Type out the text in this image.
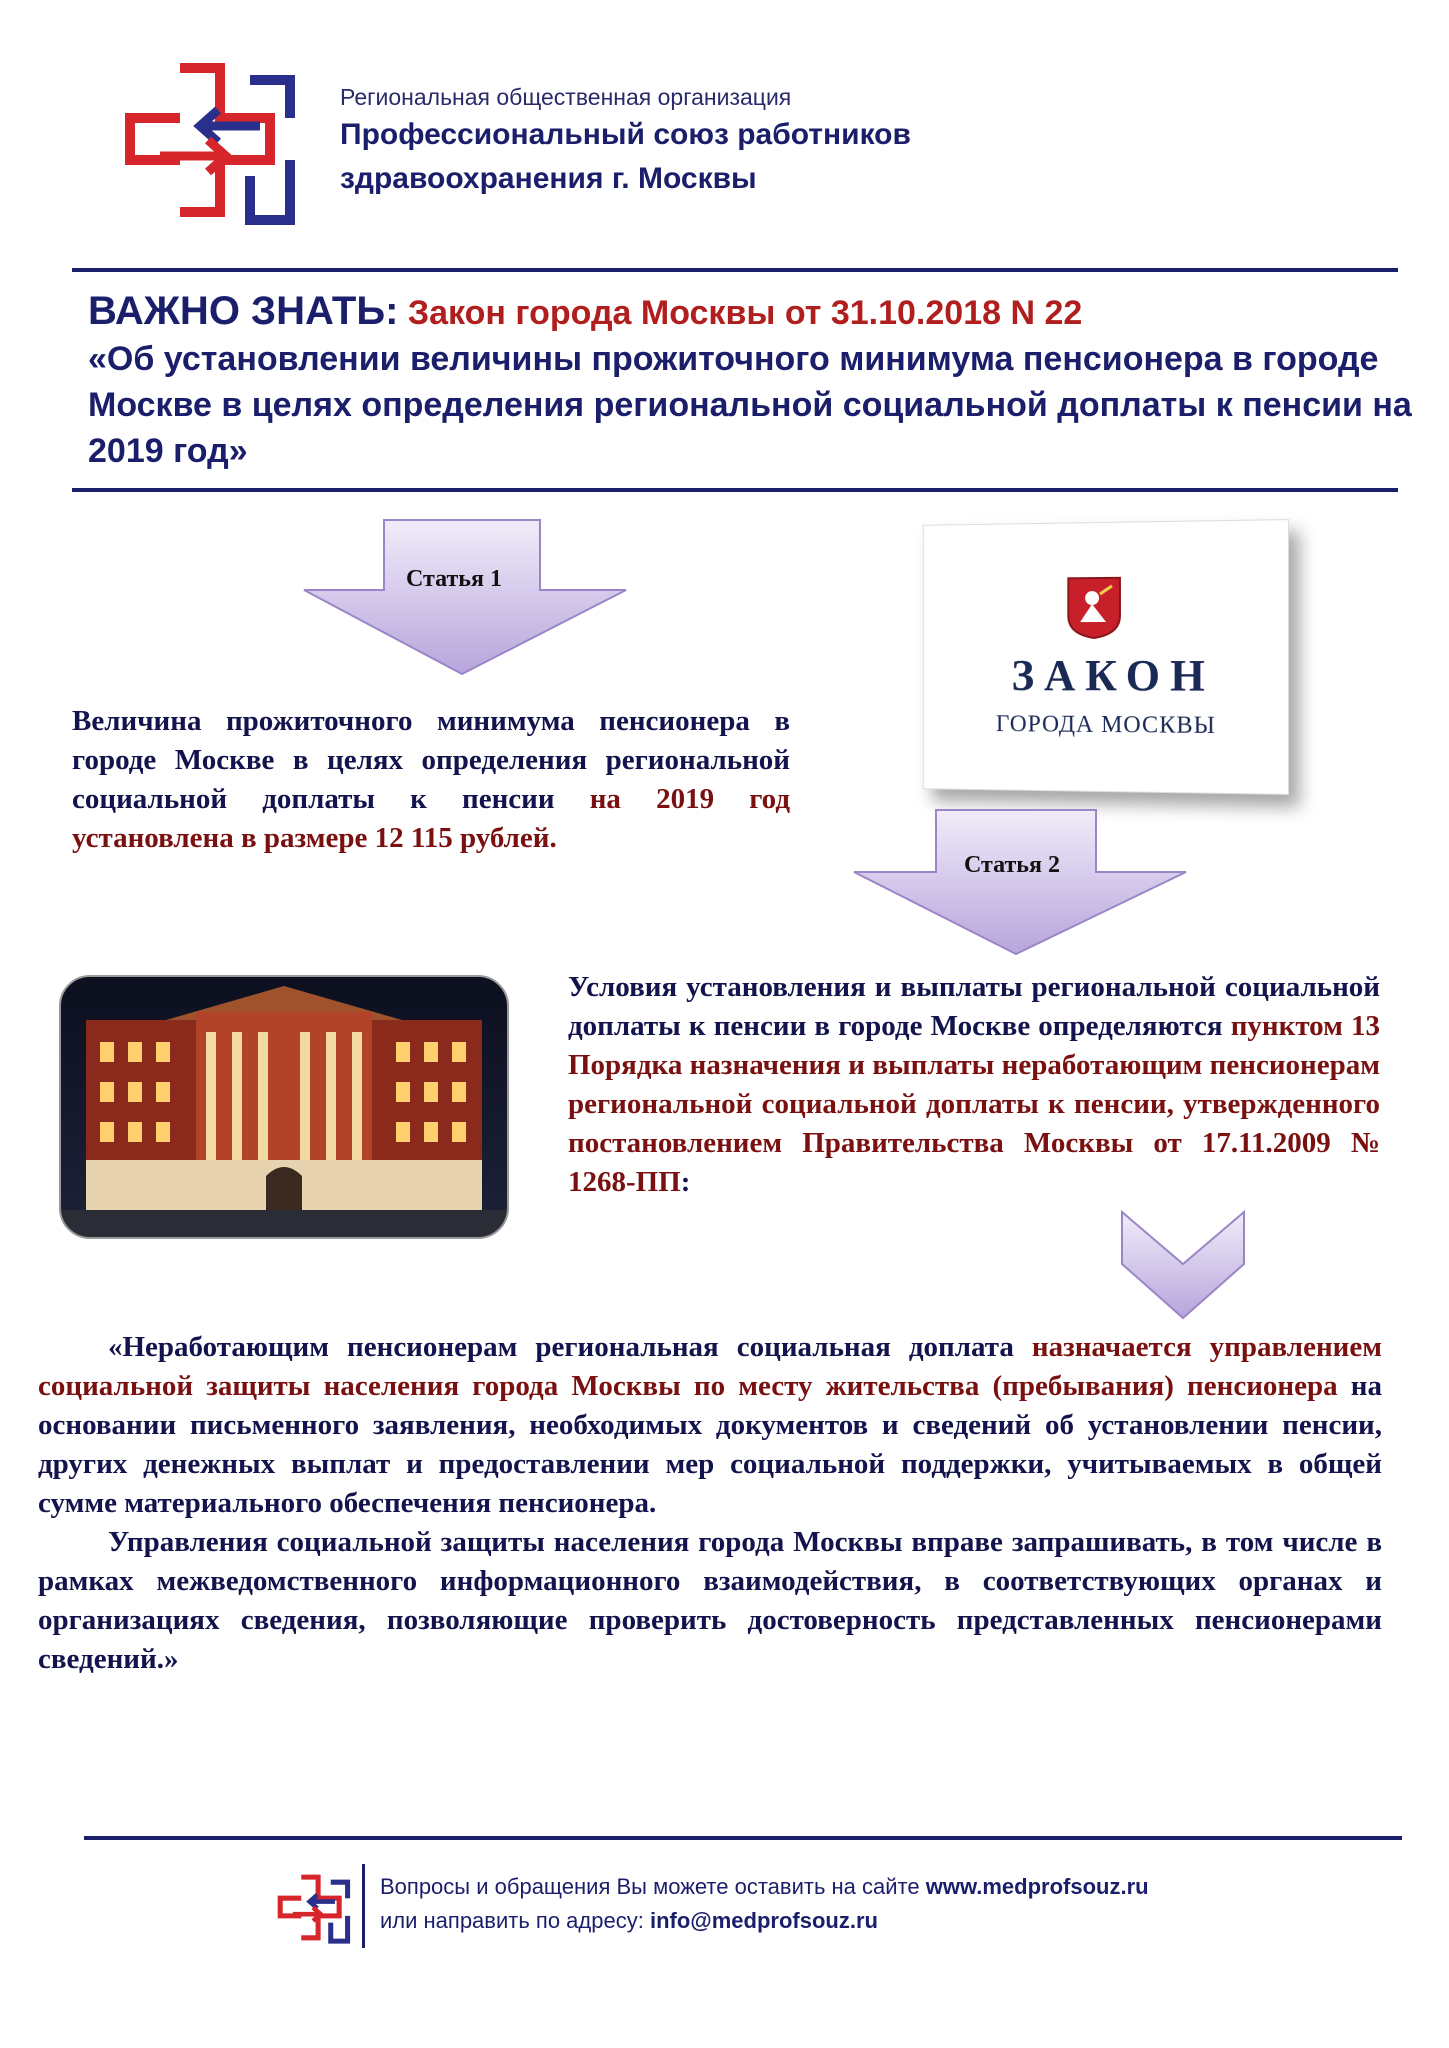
Региональная общественная организация
Профессиональный союз работников
здравоохранения г. Москвы
ВАЖНО ЗНАТЬ: Закон города Москвы от 31.10.2018 N 22
«Об установлении величины прожиточного минимума пенсионера в городе Москве в целях определения региональной социальной доплаты к пенсии на 2019 год»
Статья 1

Величина прожиточного минимума пенсионера в городе Москве в целях определения региональной социальной доплаты к пенсии на 2019 год установлена в размере 12 115 рублей.

ЗАКОН
ГОРОДА МОСКВЫ
Статья 2

Условия установления и выплаты региональной социальной доплаты к пенсии в городе Москве определяются пунктом 13 Порядка назначения и выплаты неработающим пенсионерам региональной социальной доплаты к пенсии, утвержденного постановлением Правительства Москвы от 17.11.2009 № 1268-ПП:

«Неработающим пенсионерам региональная социальная доплата назначается управлением социальной защиты населения города Москвы по месту жительства (пребывания) пенсионера на основании письменного заявления, необходимых документов и сведений об установлении пенсии, других денежных выплат и предоставлении мер социальной поддержки, учитываемых в общей сумме материального обеспечения пенсионера.

Управления социальной защиты населения города Москвы вправе запрашивать, в том числе в рамках межведомственного информационного взаимодействия, в соответствующих органах и организациях сведения, позволяющие проверить достоверность представленных пенсионерами сведений.»

Вопросы и обращения Вы можете оставить на сайте www.medprofsouz.ru
или направить по адресу: info@medprofsouz.ru
